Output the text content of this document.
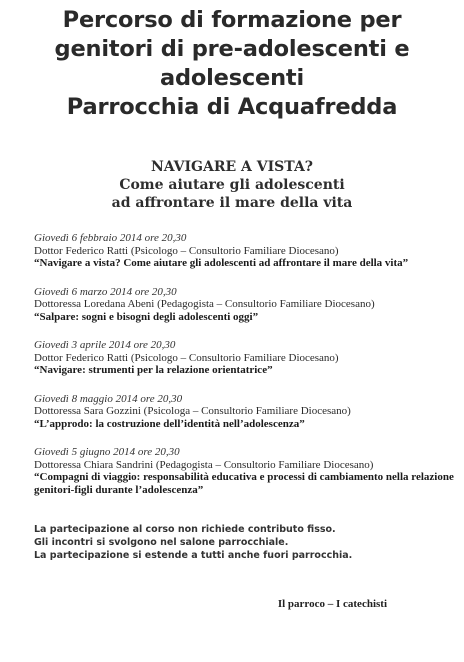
Percorso di formazione per
genitori di pre-adolescenti e
adolescenti
Parrocchia di Acquafredda
NAVIGARE A VISTA?
Come aiutare gli adolescenti
ad affrontare il mare della vita
Giovedì 6 febbraio 2014 ore 20,30
Dottor Federico Ratti (Psicologo – Consultorio Familiare Diocesano)
“Navigare a vista? Come aiutare gli adolescenti ad affrontare il mare della vita”
Giovedì 6 marzo 2014 ore 20,30
Dottoressa Loredana Abeni (Pedagogista – Consultorio Familiare Diocesano)
“Salpare: sogni e bisogni degli adolescenti oggi”
Giovedì 3 aprile 2014 ore 20,30
Dottor Federico Ratti (Psicologo – Consultorio Familiare Diocesano)
“Navigare: strumenti per la relazione orientatrice”
Giovedì 8 maggio 2014 ore 20,30
Dottoressa Sara Gozzini (Psicologa – Consultorio Familiare Diocesano)
“L’approdo: la costruzione dell’identità nell’adolescenza”
Giovedì 5 giugno 2014 ore 20,30
Dottoressa Chiara Sandrini (Pedagogista – Consultorio Familiare Diocesano)
“Compagni di viaggio: responsabilità educativa e processi di cambiamento nella relazione genitori-figli durante l’adolescenza”
La partecipazione al corso non richiede contributo fisso.
Gli incontri si svolgono nel salone parrocchiale.
La partecipazione si estende a tutti anche fuori parrocchia.
Il parroco – I catechisti
